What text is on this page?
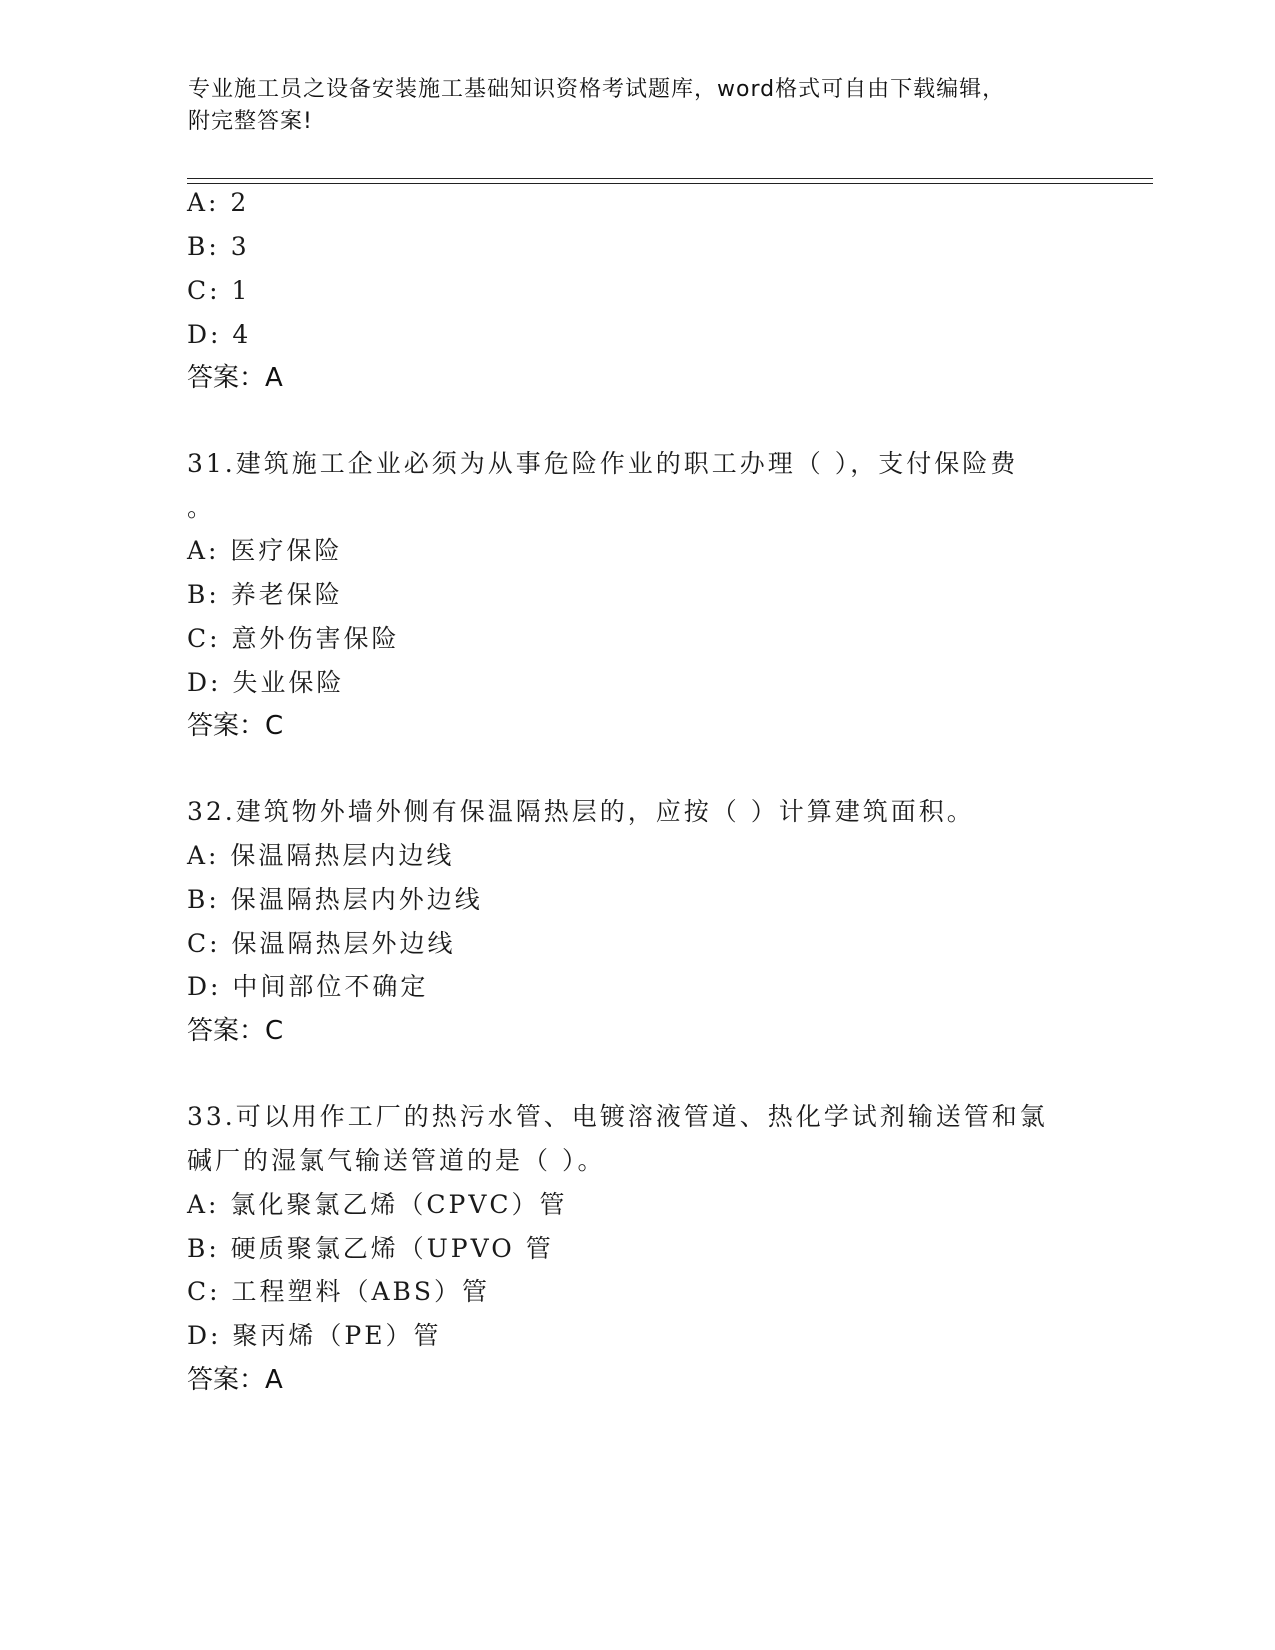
专业施工员之设备安装施工基础知识资格考试题库，word格式可自由下载编辑，
附完整答案!
A: 2
B: 3
C: 1
D: 4
答案：A
31.建筑施工企业必须为从事危险作业的职工办理（ ），支付保险费
。
A: 医疗保险
B: 养老保险
C: 意外伤害保险
D: 失业保险
答案：C
32.建筑物外墙外侧有保温隔热层的，应按（ ）计算建筑面积。
A: 保温隔热层内边线
B: 保温隔热层内外边线
C: 保温隔热层外边线
D: 中间部位不确定
答案：C
33.可以用作工厂的热污水管、电镀溶液管道、热化学试剂输送管和氯
碱厂的湿氯气输送管道的是（ ）。
A: 氯化聚氯乙烯（CPVC）管
B: 硬质聚氯乙烯（UPVO 管
C: 工程塑料（ABS）管
D: 聚丙烯（PE）管
答案：A
